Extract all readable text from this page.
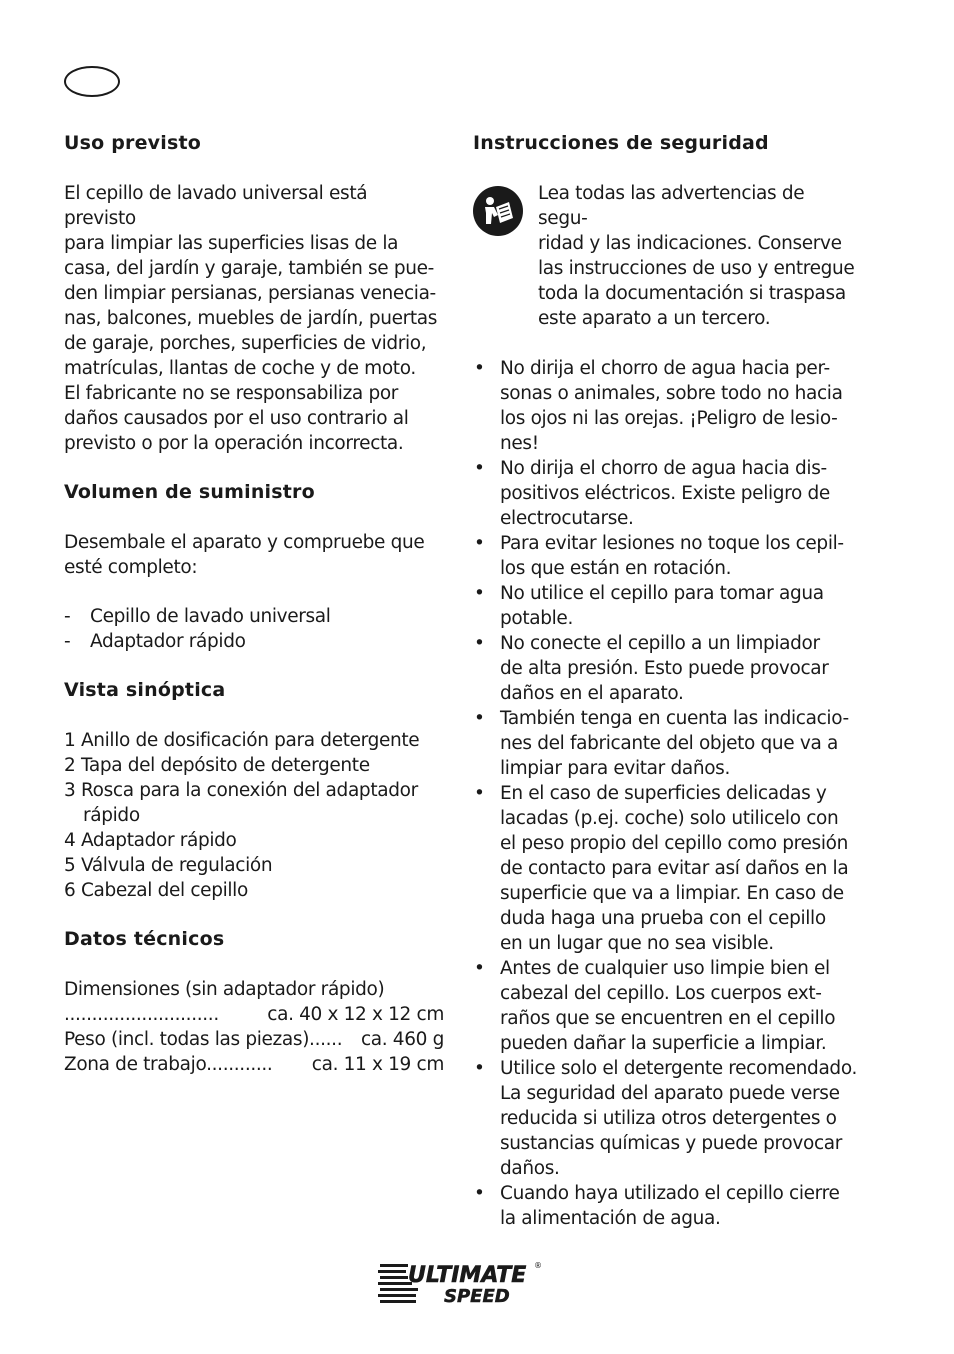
Uso previsto
El cepillo de lavado universal está previsto
para limpiar las superficies lisas de la
casa, del jardín y garaje, también se pue-
den limpiar persianas, persianas venecia-
nas, balcones, muebles de jardín, puertas
de garaje, porches, superficies de vidrio,
matrículas, llantas de coche y de moto.
El fabricante no se responsabiliza por
daños causados por el uso contrario al
previsto o por la operación incorrecta.
Volumen de suministro
Desembale el aparato y compruebe que
esté completo:
- Cepillo de lavado universal
- Adaptador rápido
Vista sinóptica
1 Anillo de dosificación para detergente
2 Tapa del depósito de detergente
3 Rosca para la conexión del adaptador rápido
4 Adaptador rápido
5 Válvula de regulación
6 Cabezal del cepillo
Datos técnicos
Dimensiones (sin adaptador rápido)
............................	ca. 40 x 12 x 12 cm
Peso (incl. todas las piezas)...... ca. 460 g
Zona de trabajo............ ca. 11 x 19 cm
Instrucciones de seguridad
Lea todas las advertencias de segu-
ridad y las indicaciones. Conserve
las instrucciones de uso y entregue
toda la documentación si traspasa
este aparato a un tercero.
• No dirija el chorro de agua hacia per-
sonas o animales, sobre todo no hacia
los ojos ni las orejas. ¡Peligro de lesio-
nes!
• No dirija el chorro de agua hacia dis-
positivos eléctricos. Existe peligro de
electrocutarse.
• Para evitar lesiones no toque los cepil-
los que están en rotación.
• No utilice el cepillo para tomar agua
potable.
• No conecte el cepillo a un limpiador
de alta presión. Esto puede provocar
daños en el aparato.
• También tenga en cuenta las indicacio-
nes del fabricante del objeto que va a
limpiar para evitar daños.
• En el caso de superficies delicadas y
lacadas (p.ej. coche) solo utilicelo con
el peso propio del cepillo como presión
de contacto para evitar así daños en la
superficie que va a limpiar. En caso de
duda haga una prueba con el cepillo
en un lugar que no sea visible.
• Antes de cualquier uso limpie bien el
cabezal del cepillo. Los cuerpos ext-
raños que se encuentren en el cepillo
pueden dañar la superficie a limpiar.
• Utilice solo el detergente recomendado.
La seguridad del aparato puede verse
reducida si utiliza otros detergentes o
sustancias químicas y puede provocar
daños.
• Cuando haya utilizado el cepillo cierre
la alimentación de agua.
ULTIMATE
SPEED
®
